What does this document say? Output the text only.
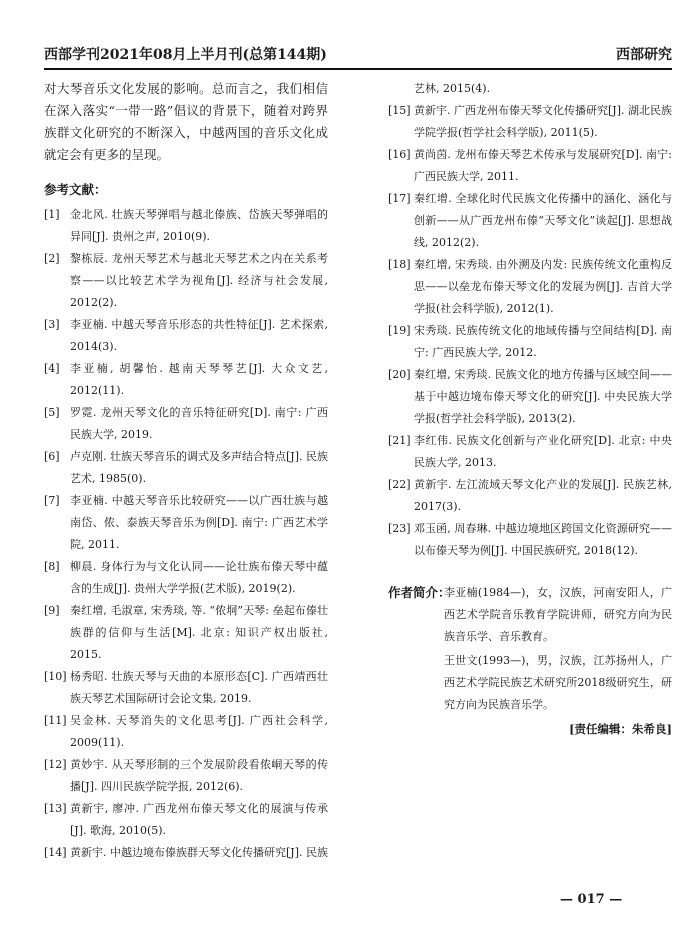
西部学刊2021年08月上半月刊(总第144期)	西部研究

对大琴音乐文化发展的影响。总而言之，我们相信在深入落实“一带一路”倡议的背景下，随着对跨界族群文化研究的不断深入，中越两国的音乐文化成就定会有更多的呈现。

参考文献：
[1] 金北风. 壮族天琴弹唱与越北傣族、岱族天琴弹唱的异同[J]. 贵州之声, 2010(9).
[2] 黎栋辰. 龙州天琴艺术与越北天琴艺术之内在关系考察——以比较艺术学为视角[J]. 经济与社会发展, 2012(2).
[3] 李亚楠. 中越天琴音乐形态的共性特征[J]. 艺术探索, 2014(3).
[4] 李亚楠, 胡馨怡. 越南天琴琴艺[J]. 大众文艺, 2012(11).
[5] 罗霓. 龙州天琴文化的音乐特征研究[D]. 南宁: 广西民族大学, 2019.
[6] 卢克刚. 壮族天琴音乐的调式及多声结合特点[J]. 民族艺术, 1985(0).
[7] 李亚楠. 中越天琴音乐比较研究——以广西壮族与越南岱、侬、泰族天琴音乐为例[D]. 南宁: 广西艺术学院, 2011.
[8] 柳晨. 身体行为与文化认同——论壮族布傣天琴中蕴含的生成[J]. 贵州大学学报(艺术版), 2019(2).
[9] 秦红增, 毛淑章, 宋秀琰, 等. “侬垌”天琴: 垒起布傣壮族群的信仰与生活[M]. 北京: 知识产权出版社, 2015.
[10] 杨秀昭. 壮族天琴与天曲的本原形态[C]. 广西靖西壮族天琴艺术国际研讨会论文集, 2019.
[11] 吴金林. 天琴消失的文化思考[J]. 广西社会科学, 2009(11).
[12] 黄妙宇. 从天琴形制的三个发展阶段看侬峒天琴的传播[J]. 四川民族学院学报, 2012(6).
[13] 黄新宇, 廖冲. 广西龙州布傣天琴文化的展演与传承[J]. 歌海, 2010(5).
[14] 黄新宇. 中越边境布傣族群天琴文化传播研究[J]. 民族

艺林, 2015(4).

[15] 黄新宇. 广西龙州布傣天琴文化传播研究[J]. 湖北民族学院学报(哲学社会科学版), 2011(5).
[16] 黄尚茵. 龙州布傣天琴艺术传承与发展研究[D]. 南宁: 广西民族大学, 2011.
[17] 秦红增. 全球化时代民族文化传播中的涵化、涵化与创新——从广西龙州布傣“天琴文化”谈起[J]. 思想战线, 2012(2).
[18] 秦红增, 宋秀琰. 由外溯及内发: 民族传统文化重构反思——以垒龙布傣天琴文化的发展为例[J]. 吉首大学学报(社会科学版), 2012(1).
[19] 宋秀琰. 民族传统文化的地域传播与空间结构[D]. 南宁: 广西民族大学, 2012.
[20] 秦红增, 宋秀琰. 民族文化的地方传播与区域空间——基于中越边境布傣天琴文化的研究[J]. 中央民族大学学报(哲学社会科学版), 2013(2).
[21] 李红伟. 民族文化创新与产业化研究[D]. 北京: 中央民族大学, 2013.
[22] 黄新宇. 左江流域天琴文化产业的发展[J]. 民族艺林, 2017(3).
[23] 邓玉函, 周春琳. 中越边境地区跨国文化资源研究——以布傣天琴为例[J]. 中国民族研究, 2018(12).
作者简介：

李亚楠(1984—)，女，汉族，河南安阳人，广西艺术学院音乐教育学院讲师，研究方向为民族音乐学、音乐教育。

王世文(1993—)，男，汉族，江苏扬州人，广西艺术学院民族艺术研究所2018级研究生，研究方向为民族音乐学。

[责任编辑：朱希良]
— 017 —
